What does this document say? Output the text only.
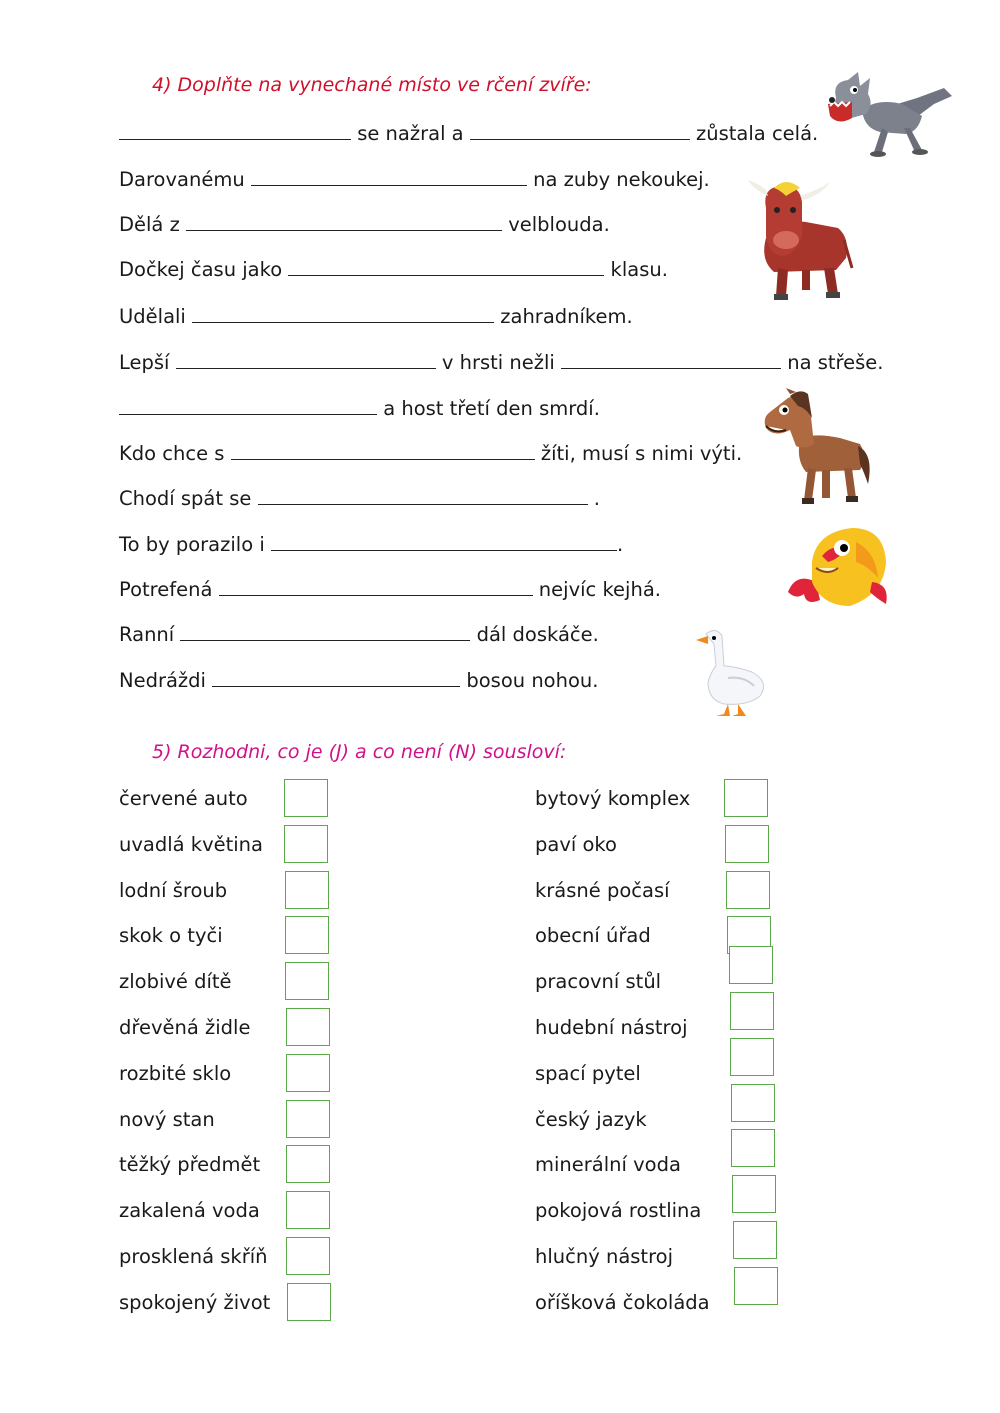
4) Doplňte na vynechané místo ve rčení zvíře:
se nažral a	zůstala celá.
Darovanému	na zuby nekoukej.
Dělá z	velblouda.
Dočkej času jako	klasu.
Udělali	zahradníkem.
Lepší	v hrsti nežli	na střeše.
a host třetí den smrdí.
Kdo chce s	žíti, musí s nimi výti.
Chodí spát se	.
To by porazilo i	.
Potrefená	nejvíc kejhá.
Ranní	dál doskáče.
Nedráždi	bosou nohou.
5) Rozhodni, co je (J) a co není (N) sousloví:
červené auto
uvadlá květina
lodní šroub
skok o tyči
zlobivé dítě
dřevěná židle
rozbité sklo
nový stan
těžký předmět
zakalená voda
prosklená skříň
spokojený život
bytový komplex
paví oko
krásné počasí
obecní úřad
pracovní stůl
hudební nástroj
spací pytel
český jazyk
minerální voda
pokojová rostlina
hlučný nástroj
oříšková čokoláda
